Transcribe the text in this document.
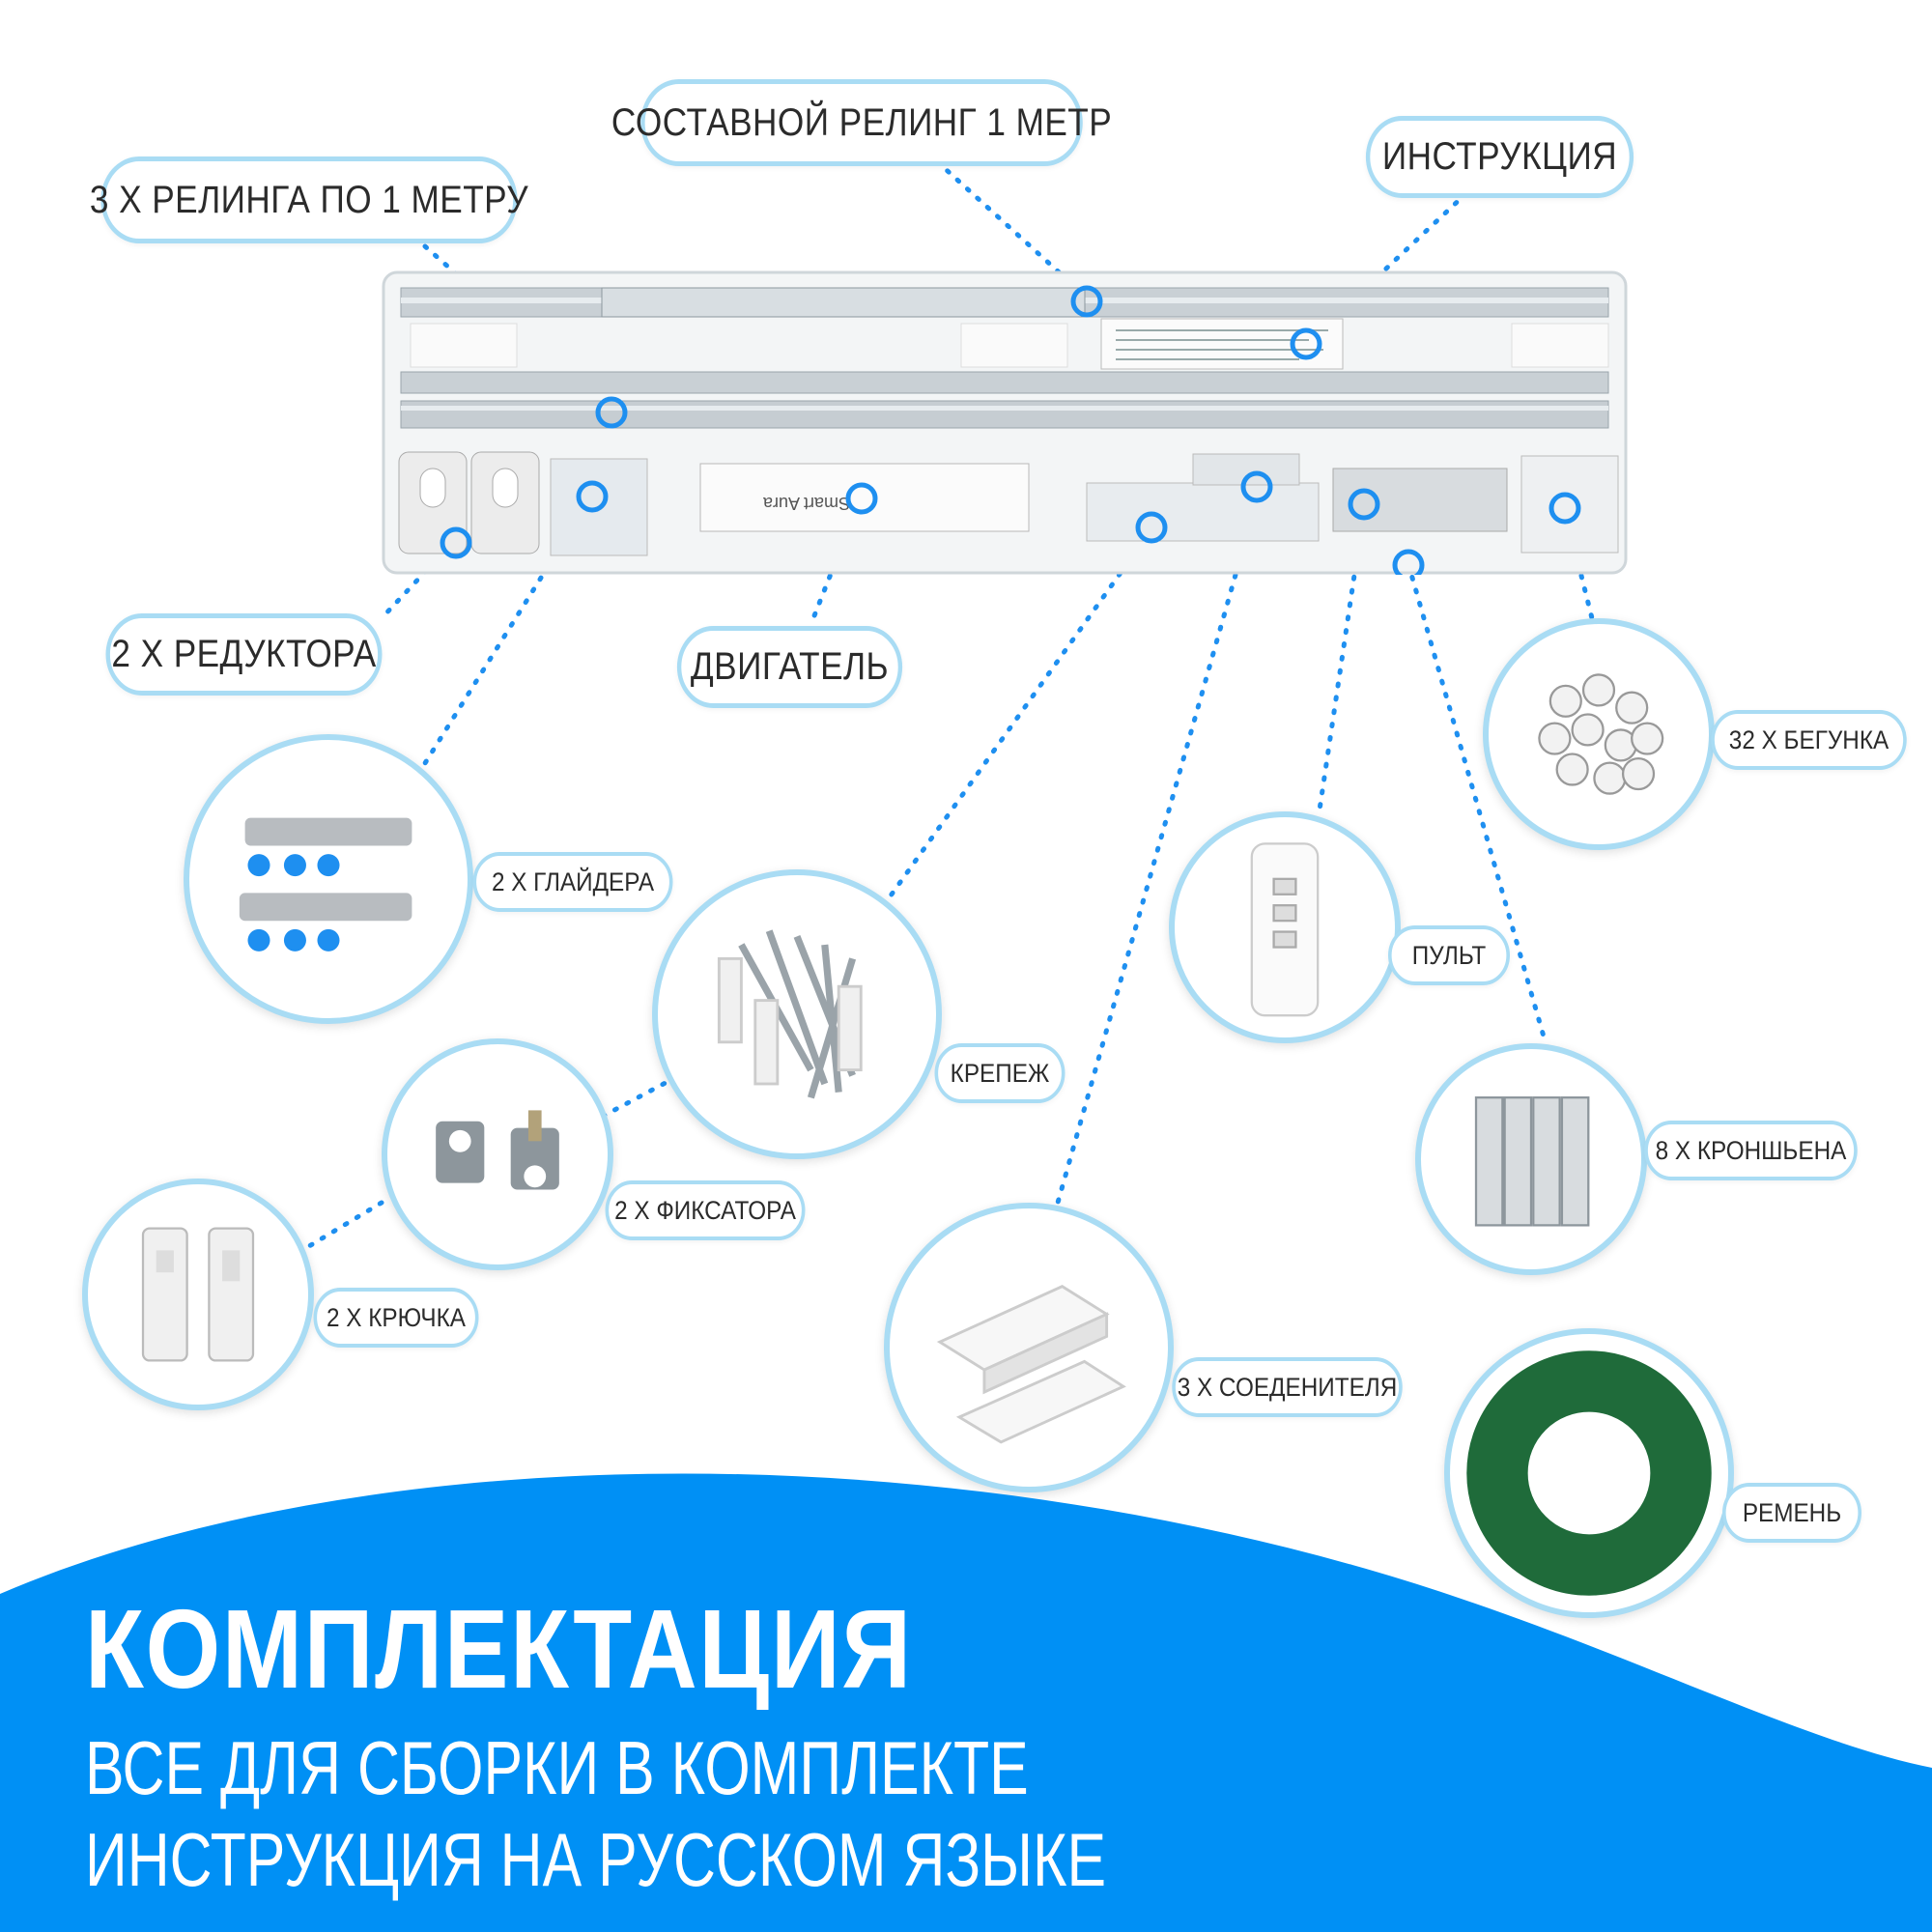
Smart Aura
СОСТАВНОЙ РЕЛИНГ 1 МЕТР
3 X РЕЛИНГА ПО 1 МЕТРУ
ИНСТРУКЦИЯ
2 X РЕДУКТОРА	ДВИГАТЕЛЬ
32 X БЕГУНКА
2 X ГЛАЙДЕРА
ПУЛЬТ
КРЕПЕЖ
8 X КРОНШЬЕНА
2 X ФИКСАТОРА
2 X КРЮЧКА
3 X СОЕДЕНИТЕЛЯ
РЕМЕНЬ
КОМПЛЕКТАЦИЯ
ВСЕ ДЛЯ СБОРКИ В КОМПЛЕКТЕ
ИНСТРУКЦИЯ НА РУССКОМ ЯЗЫКЕ
